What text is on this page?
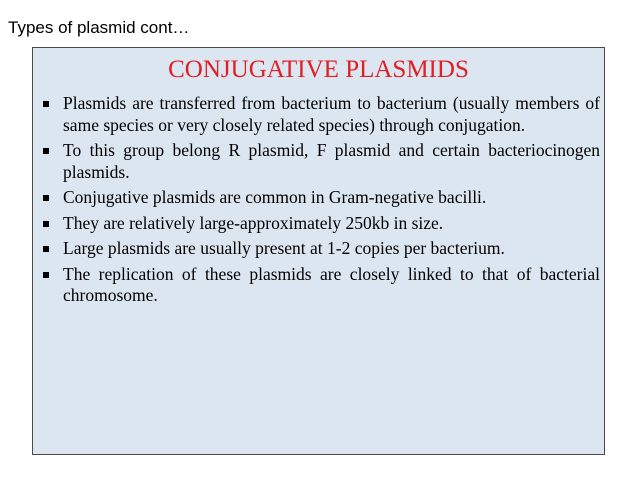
Types of plasmid cont…
CONJUGATIVE PLASMIDS
Plasmids are transferred from bacterium to bacterium (usually members of same species or very closely related species) through conjugation.
To this group belong R plasmid, F plasmid and certain bacteriocinogen plasmids.
Conjugative plasmids are common in Gram-negative bacilli.
They are relatively large-approximately 250kb in size.
Large plasmids are usually present at 1-2 copies per bacterium.
The replication of these plasmids are closely linked to that of bacterial chromosome.
